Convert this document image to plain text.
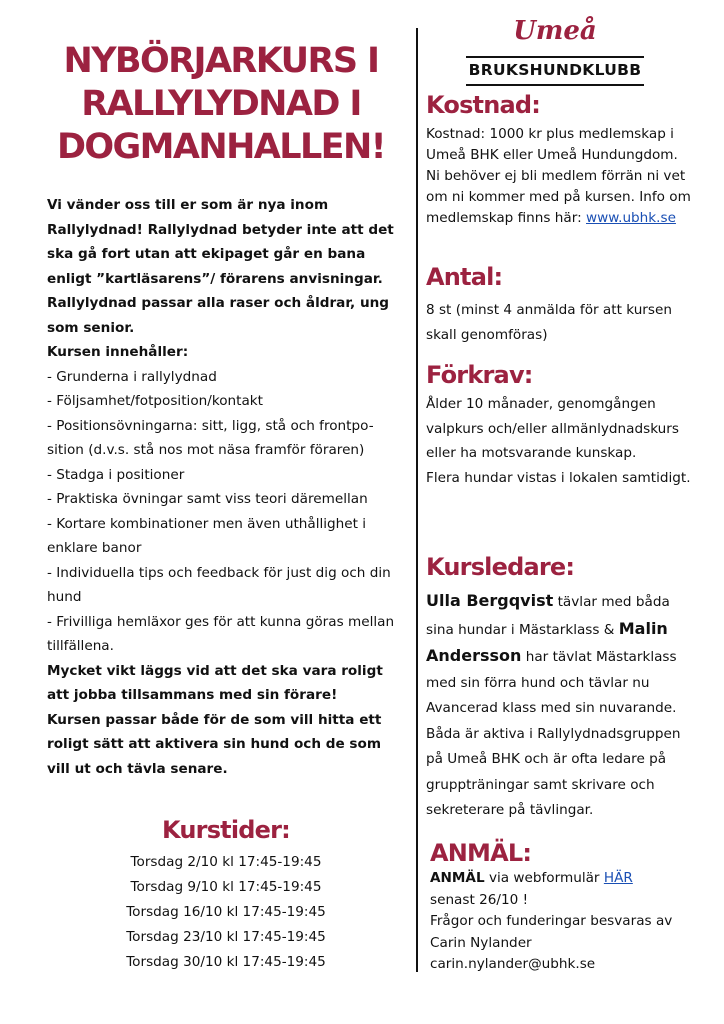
NYBÖRJARKURS I
RALLYLYDNAD I
DOGMANHALLEN!

Vi vänder oss till er som är nya inom Rallylydnad! Rallylydnad betyder inte att det ska gå fort utan att ekipaget går en bana enligt ”kartläsarens”/ förarens anvisningar.

Rallylydnad passar alla raser och åldrar, ung som senior.

Kursen innehåller:

- Grunderna i rallylydnad

- Följsamhet/fotposition/kontakt

- Positionsövningarna: sitt, ligg, stå och frontpo-sition (d.v.s. stå nos mot näsa framför föraren)

- Stadga i positioner

- Praktiska övningar samt viss teori däremellan

- Kortare kombinationer men även uthållighet i enklare banor

- Individuella tips och feedback för just dig och din hund

- Frivilliga hemläxor ges för att kunna göras mellan tillfällena.

Mycket vikt läggs vid att det ska vara roligt att jobba tillsammans med sin förare!

Kursen passar både för de som vill hitta ett roligt sätt att aktivera sin hund och de som vill ut och tävla senare.

Kurstider:
Torsdag 2/10 kl 17:45-19:45
Torsdag 9/10 kl 17:45-19:45
Torsdag 16/10 kl 17:45-19:45
Torsdag 23/10 kl 17:45-19:45
Torsdag 30/10 kl 17:45-19:45
Umeå
BRUKSHUNDKLUBB
Kostnad:

Kostnad: 1000 kr plus medlemskap i Umeå BHK eller Umeå Hundungdom. Ni behöver ej bli medlem förrän ni vet om ni kommer med på kursen. Info om medlemskap finns här: www.ubhk.se

Antal:

8 st (minst 4 anmälda för att kursen skall genomföras)

Förkrav:

Ålder 10 månader, genomgången valpkurs och/eller allmänlydnadskurs eller ha motsvarande kunskap.

Flera hundar vistas i lokalen samtidigt.

Kursledare:

Ulla Bergqvist tävlar med båda sina hundar i Mästarklass & Malin Andersson har tävlat Mästarklass med sin förra hund och tävlar nu Avancerad klass med sin nuvarande. Båda är aktiva i Rallylydnadsgruppen på Umeå BHK och är ofta ledare på gruppträningar samt skrivare och sekreterare på tävlingar.

ANMÄL:

ANMÄL via webformulär HÄR

senast 26/10 !

Frågor och funderingar besvaras av Carin Nylander

carin.nylander@ubhk.se
